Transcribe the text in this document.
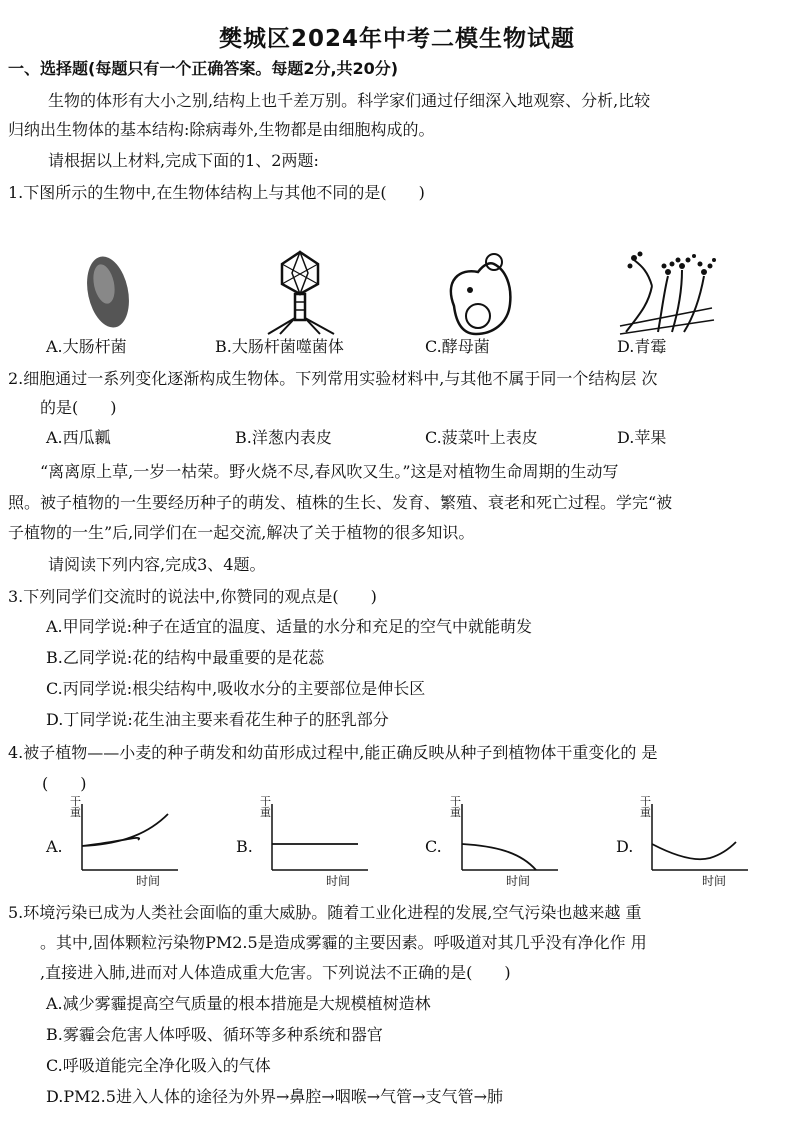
樊城区2024年中考二模生物试题
一、选择题(每题只有一个正确答案。每题2分,共20分)
生物的体形有大小之别,结构上也千差万别。科学家们通过仔细深入地观察、分析,比较
归纳出生物体的基本结构:除病毒外,生物都是由细胞构成的。
请根据以上材料,完成下面的1、2两题:
1.下图所示的生物中,在生物体结构上与其他不同的是(　　)
A.大肠杆菌	B.大肠杆菌噬菌体	C.酵母菌	D.青霉
2.细胞通过一系列变化逐渐构成生物体。下列常用实验材料中,与其他不属于同一个结构层 次
的是(　　)
A.西瓜瓤	B.洋葱内表皮	C.菠菜叶上表皮	D.苹果
“离离原上草,一岁一枯荣。野火烧不尽,春风吹又生。”这是对植物生命周期的生动写
照。被子植物的一生要经历种子的萌发、植株的生长、发育、繁殖、衰老和死亡过程。学完“被
子植物的一生”后,同学们在一起交流,解决了关于植物的很多知识。
请阅读下列内容,完成3、4题。
3.下列同学们交流时的说法中,你赞同的观点是(　　)
A.甲同学说:种子在适宜的温度、适量的水分和充足的空气中就能萌发
B.乙同学说:花的结构中最重要的是花蕊
C.丙同学说:根尖结构中,吸收水分的主要部位是伸长区
D.丁同学说:花生油主要来看花生种子的胚乳部分
4.被子植物——小麦的种子萌发和幼苗形成过程中,能正确反映从种子到植物体干重变化的 是
(　　)
A.	B.	C.	D.
干重
时间
干重
时间
干重
时间
干重
时间
5.环境污染已成为人类社会面临的重大威胁。随着工业化进程的发展,空气污染也越来越 重
。其中,固体颗粒污染物PM2.5是造成雾霾的主要因素。呼吸道对其几乎没有净化作 用
,直接进入肺,进而对人体造成重大危害。下列说法不正确的是(　　)
A.减少雾霾提高空气质量的根本措施是大规模植树造林
B.雾霾会危害人体呼吸、循环等多种系统和器官
C.呼吸道能完全净化吸入的气体
D.PM2.5进入人体的途径为外界→鼻腔→咽喉→气管→支气管→肺
